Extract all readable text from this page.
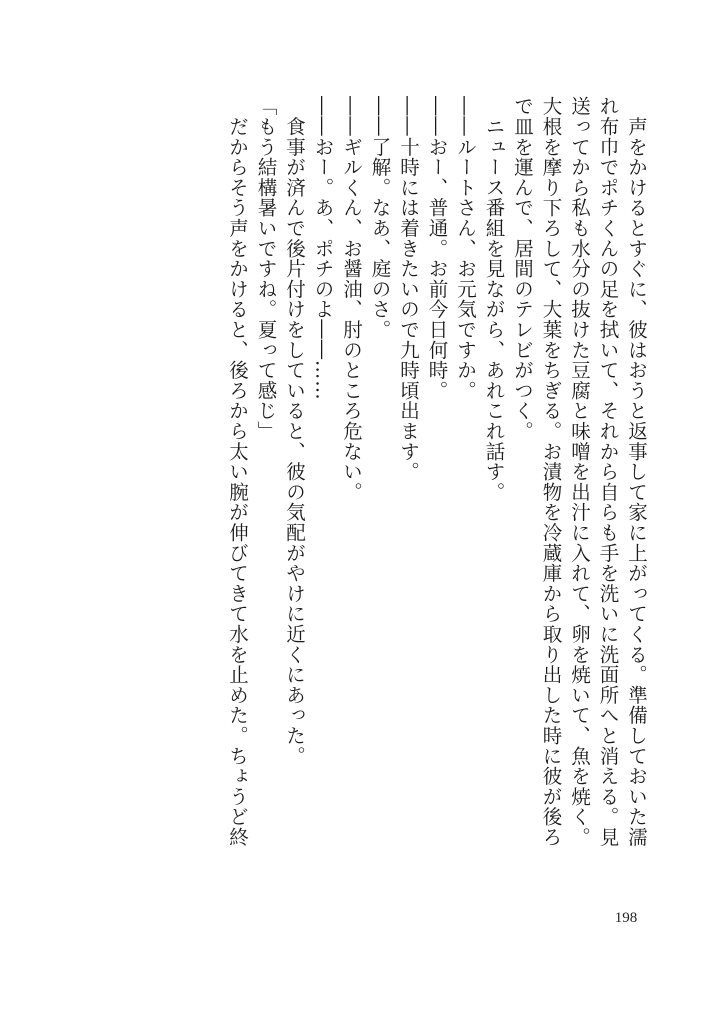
　声をかけるとすぐに、彼はおうと返事して家に上がってくる。準備しておいた濡
れ布巾でポチくんの足を拭いて、それから自らも手を洗いに洗面所へと消える。見
送ってから私も水分の抜けた豆腐と味噌を出汁に入れて、卵を焼いて、魚を焼く。
大根を摩り下ろして、大葉をちぎる。お漬物を冷蔵庫から取り出した時に彼が後ろ
で皿を運んで、居間のテレビがつく。
　ニュース番組を見ながら、あれこれ話す。
――ルートさん、お元気ですか。
――おー、普通。お前今日何時。
――十時には着きたいので九時頃出ます。
――了解。なあ、庭のさ。
――ギルくん、お醤油、肘のところ危ない。
――おー。あ、ポチのよ――……
　食事が済んで後片付けをしていると、彼の気配がやけに近くにあった。
「もう結構暑いですね。夏って感じ」
　だからそう声をかけると、後ろから太い腕が伸びてきて水を止めた。ちょうど終
198
